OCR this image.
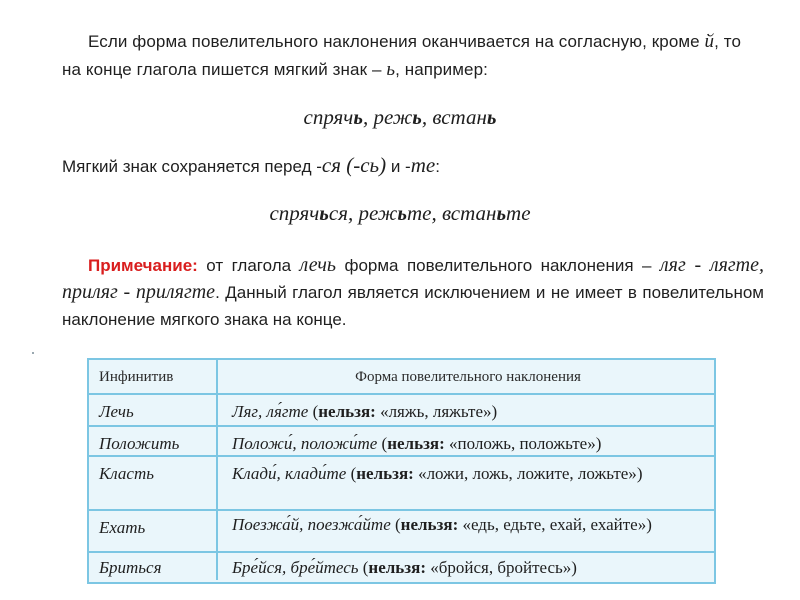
Если форма повелительного наклонения оканчивается на согласную, кроме й, то на конце глагола пишется мягкий знак – ь, например:
спрячь, режь, встань
Мягкий знак сохраняется перед -ся (-сь) и -те:
спрячься, режьте, встаньте
Примечание: от глагола лечь форма повелительного наклонения – ляг - лягте, приляг - прилягте. Данный глагол является исключением и не имеет в повелительном наклонение мягкого знака на конце.
Инфинитив	Форма повелительного наклонения
Лечь	Ляг, ля́гте (нельзя: «ляжь, ляжьте»)
Положить	Положи́, положи́те (нельзя: «положь, положьте»)
Класть	Клади́, клади́те (нельзя: «ложи, ложь, ложите, ложьте»)
Ехать	Поезжа́й, поезжа́йте (нельзя: «едь, едьте, ехай, ехайте»)
Бриться	Бре́йся, бре́йтесь (нельзя: «бройся, бройтесь»)
